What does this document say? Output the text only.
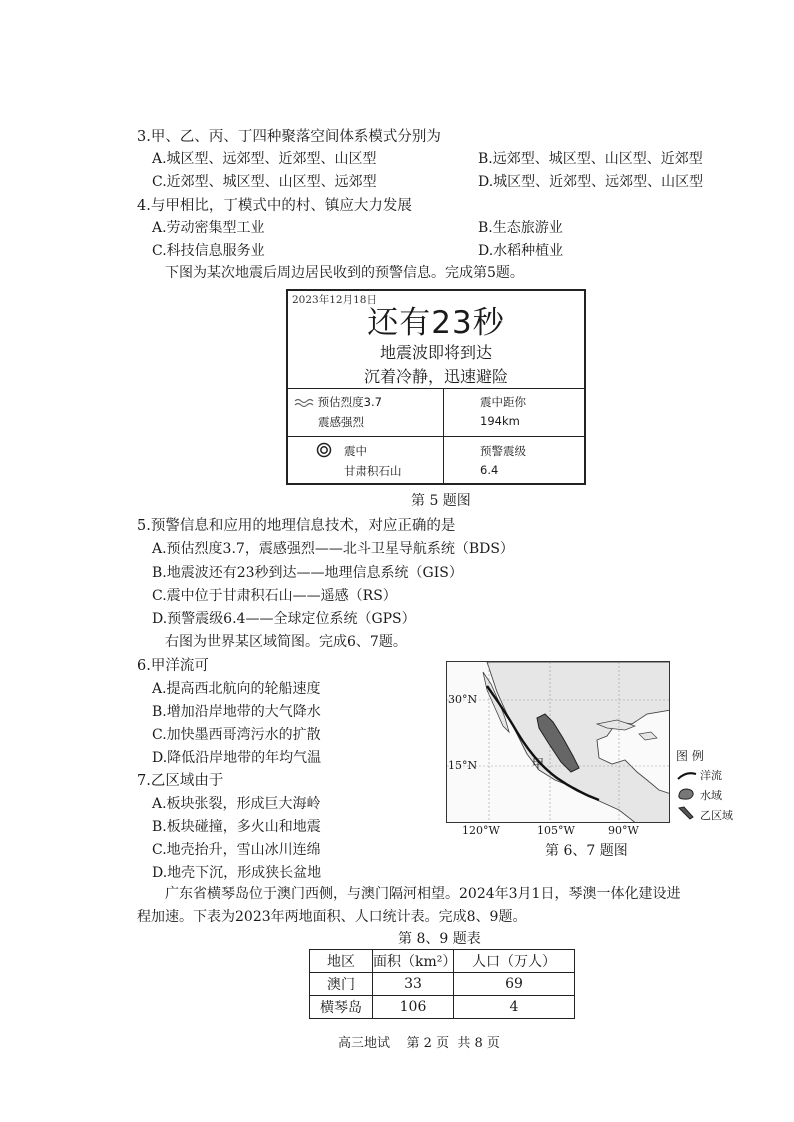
3.甲、乙、丙、丁四种聚落空间体系模式分别为
A.城区型、远郊型、近郊型、山区型	B.远郊型、城区型、山区型、近郊型
C.近郊型、城区型、山区型、远郊型	D.城区型、近郊型、远郊型、山区型
4.与甲相比，丁模式中的村、镇应大力发展
A.劳动密集型工业	B.生态旅游业
C.科技信息服务业	D.水稻种植业
下图为某次地震后周边居民收到的预警信息。完成第5题。
2023年12月18日
还有23秒
地震波即将到达
沉着冷静，迅速避险
预估烈度3.7
震感强烈
震中距你
194km
震中
甘肃积石山
预警震级
6.4
第 5 题图
5.预警信息和应用的地理信息技术，对应正确的是
A.预估烈度3.7，震感强烈——北斗卫星导航系统（BDS）
B.地震波还有23秒到达——地理信息系统（GIS）
C.震中位于甘肃积石山——遥感（RS）
D.预警震级6.4——全球定位系统（GPS）
右图为世界某区域简图。完成6、7题。
6.甲洋流可
A.提高西北航向的轮船速度
B.增加沿岸地带的大气降水
C.加快墨西哥湾污水的扩散
D.降低沿岸地带的年均气温
7.乙区域由于
A.板块张裂，形成巨大海岭
B.板块碰撞，多火山和地震
C.地壳抬升，雪山冰川连绵
D.地壳下沉，形成狭长盆地
30°N
15°N	甲
120°W	105°W	90°W
图 例
洋流
水域
乙区域
第 6、7 题图
广东省横琴岛位于澳门西侧，与澳门隔河相望。2024年3月1日，琴澳一体化建设进
程加速。下表为2023年两地面积、人口统计表。完成8、9题。
第 8、9 题表
地区	面积（km²）	人口（万人）
澳门	33	69
横琴岛	106	4
高三地试    第 2 页  共 8 页
